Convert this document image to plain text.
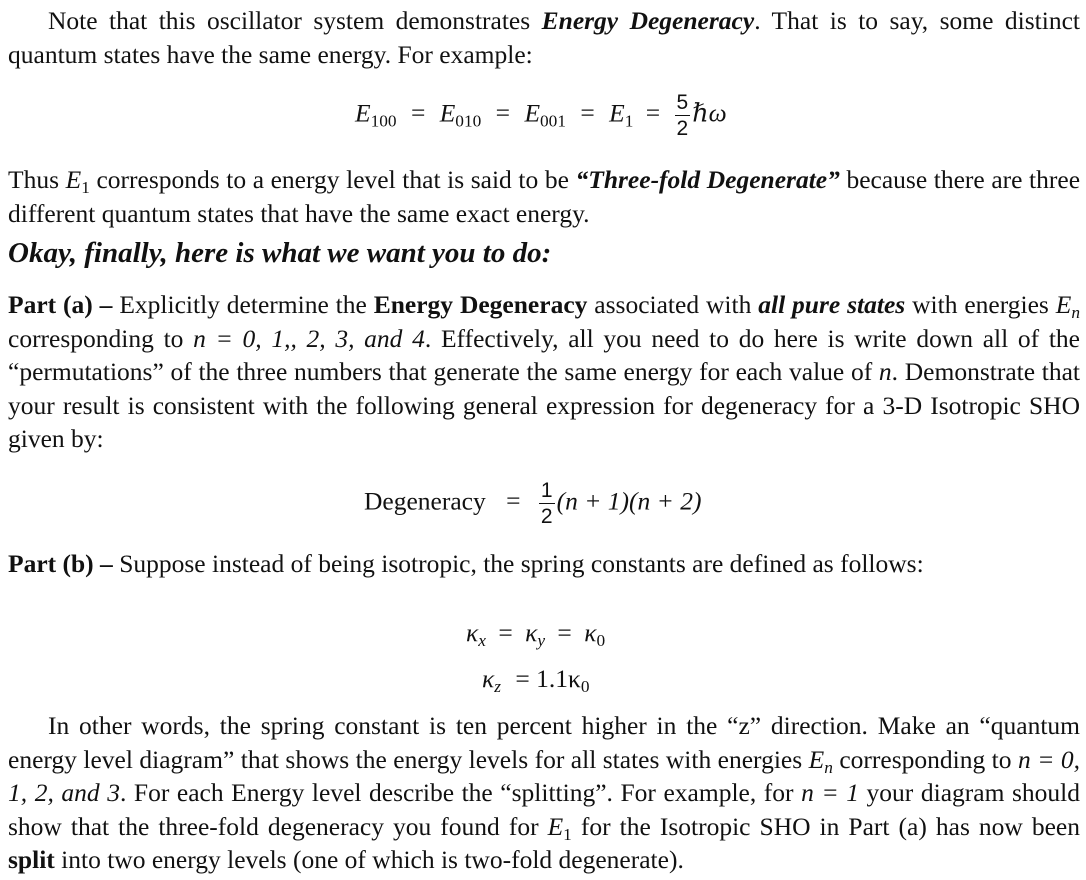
Note that this oscillator system demonstrates Energy Degeneracy. That is to say, some distinct quantum states have the same energy. For example:
$E_{100} = E_{010} = E_{001} = E_1 = \frac{5}{2}$ ℏω
Thus $E_1$ corresponds to a energy level that is said to be “Three-fold Degenerate” because there are three different quantum states that have the same exact energy.
Okay, finally, here is what we want you to do:
Part (a) – Explicitly determine the Energy Degeneracy associated with all pure states with energies $E_n$ corresponding to n = 0, 1,, 2, 3, and 4. Effectively, all you need to do here is write down all of the “permutations” of the three numbers that generate the same energy for each value of n. Demonstrate that your result is consistent with the following general expression for degeneracy for a 3-D Isotropic SHO given by:
Degeneracy = $\frac{1}{2} (n + 1)(n + 2)$
Part (b) – Suppose instead of being isotropic, the spring constants are defined as follows:
$\kappa_x = \kappa_y = \kappa_0$
$\kappa_z = 1.1\kappa_0$
In other words, the spring constant is ten percent higher in the “z” direction. Make an “quantum energy level diagram” that shows the energy levels for all states with energies $E_n$ corresponding to n = 0, 1, 2, and 3. For each Energy level describe the “splitting”. For example, for n = 1 your diagram should show that the three-fold degeneracy you found for $E_1$ for the Isotropic SHO in Part (a) has now been split into two energy levels (one of which is two-fold degenerate).
